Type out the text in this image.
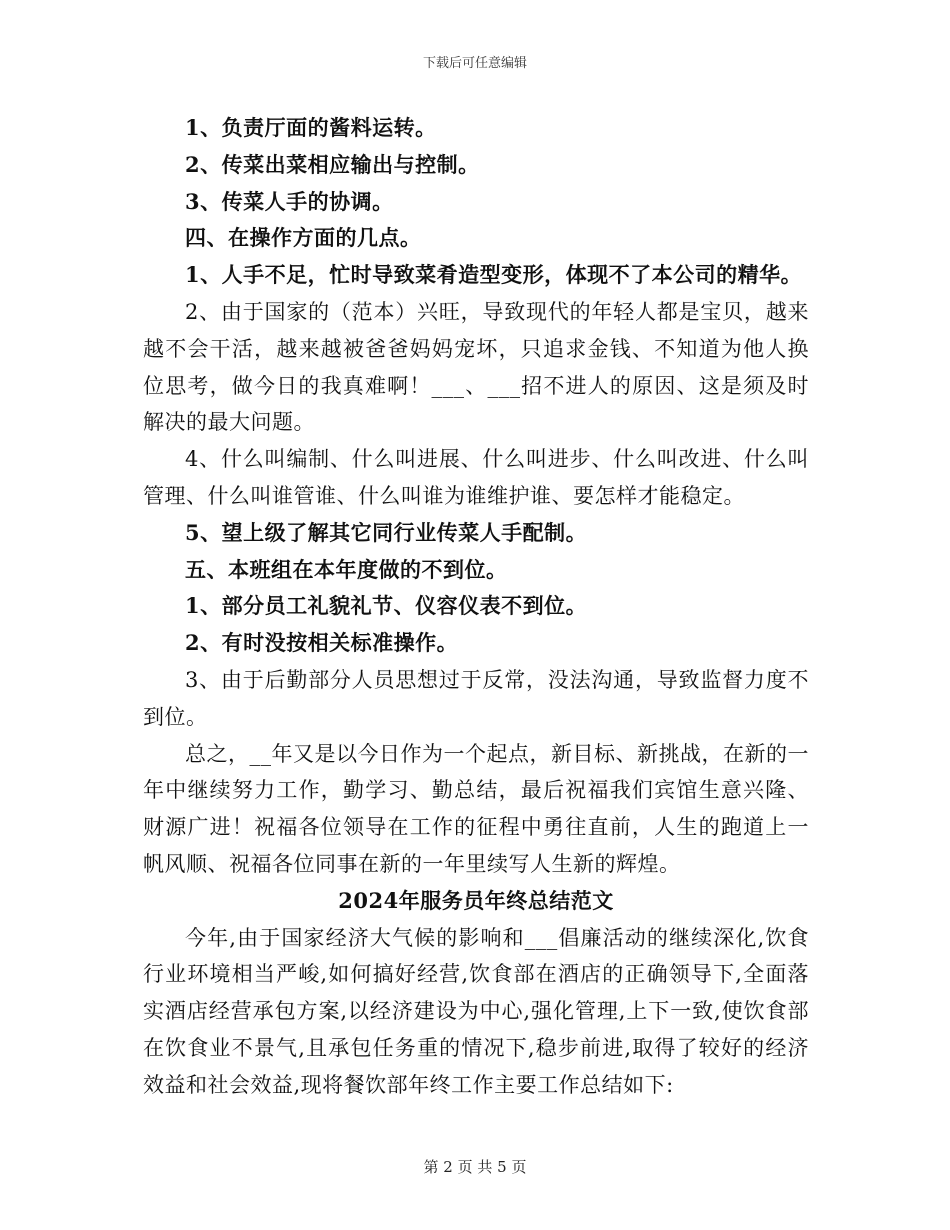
下载后可任意编辑

1、负责厅面的酱料运转。

2、传菜出菜相应输出与控制。

3、传菜人手的协调。

四、在操作方面的几点。

1、人手不足，忙时导致菜肴造型变形，体现不了本公司的精华。

2、由于国家的（范本）兴旺，导致现代的年轻人都是宝贝，越来越不会干活，越来越被爸爸妈妈宠坏，只追求金钱、不知道为他人换位思考，做今日的我真难啊！___、___招不进人的原因、这是须及时解决的最大问题。

4、什么叫编制、什么叫进展、什么叫进步、什么叫改进、什么叫管理、什么叫谁管谁、什么叫谁为谁维护谁、要怎样才能稳定。

5、望上级了解其它同行业传菜人手配制。

五、本班组在本年度做的不到位。

1、部分员工礼貌礼节、仪容仪表不到位。

2、有时没按相关标准操作。

3、由于后勤部分人员思想过于反常，没法沟通，导致监督力度不到位。

总之，__年又是以今日作为一个起点，新目标、新挑战，在新的一年中继续努力工作，勤学习、勤总结，最后祝福我们宾馆生意兴隆、财源广进！祝福各位领导在工作的征程中勇往直前，人生的跑道上一帆风顺、祝福各位同事在新的一年里续写人生新的辉煌。

2024年服务员年终总结范文

今年,由于国家经济大气候的影响和___倡廉活动的继续深化,饮食行业环境相当严峻,如何搞好经营,饮食部在酒店的正确领导下,全面落实酒店经营承包方案,以经济建设为中心,强化管理,上下一致,使饮食部在饮食业不景气,且承包任务重的情况下,稳步前进,取得了较好的经济效益和社会效益,现将餐饮部年终工作主要工作总结如下:

第 2 页 共 5 页
